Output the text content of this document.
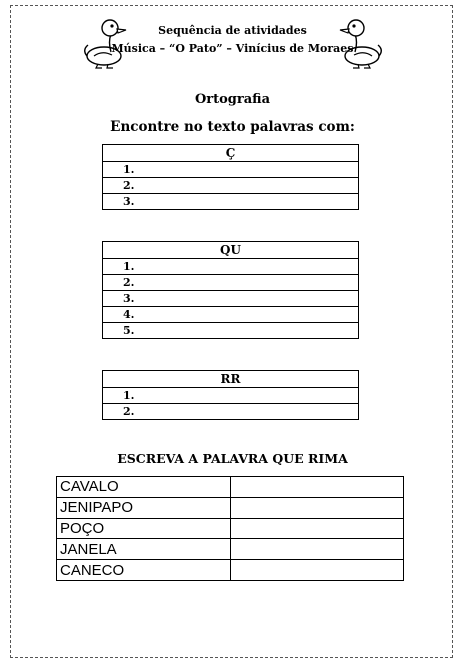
Sequência de atividades
Música – “O Pato” – Vinícius de Moraes
Ortografia
Encontre no texto palavras com:
Ç
1.
2.
3.
QU
1.
2.
3.
4.
5.
RR
1.
2.
ESCREVA A PALAVRA QUE RIMA
CAVALO	
JENIPAPO	
POÇO	
JANELA	
CANECO	
